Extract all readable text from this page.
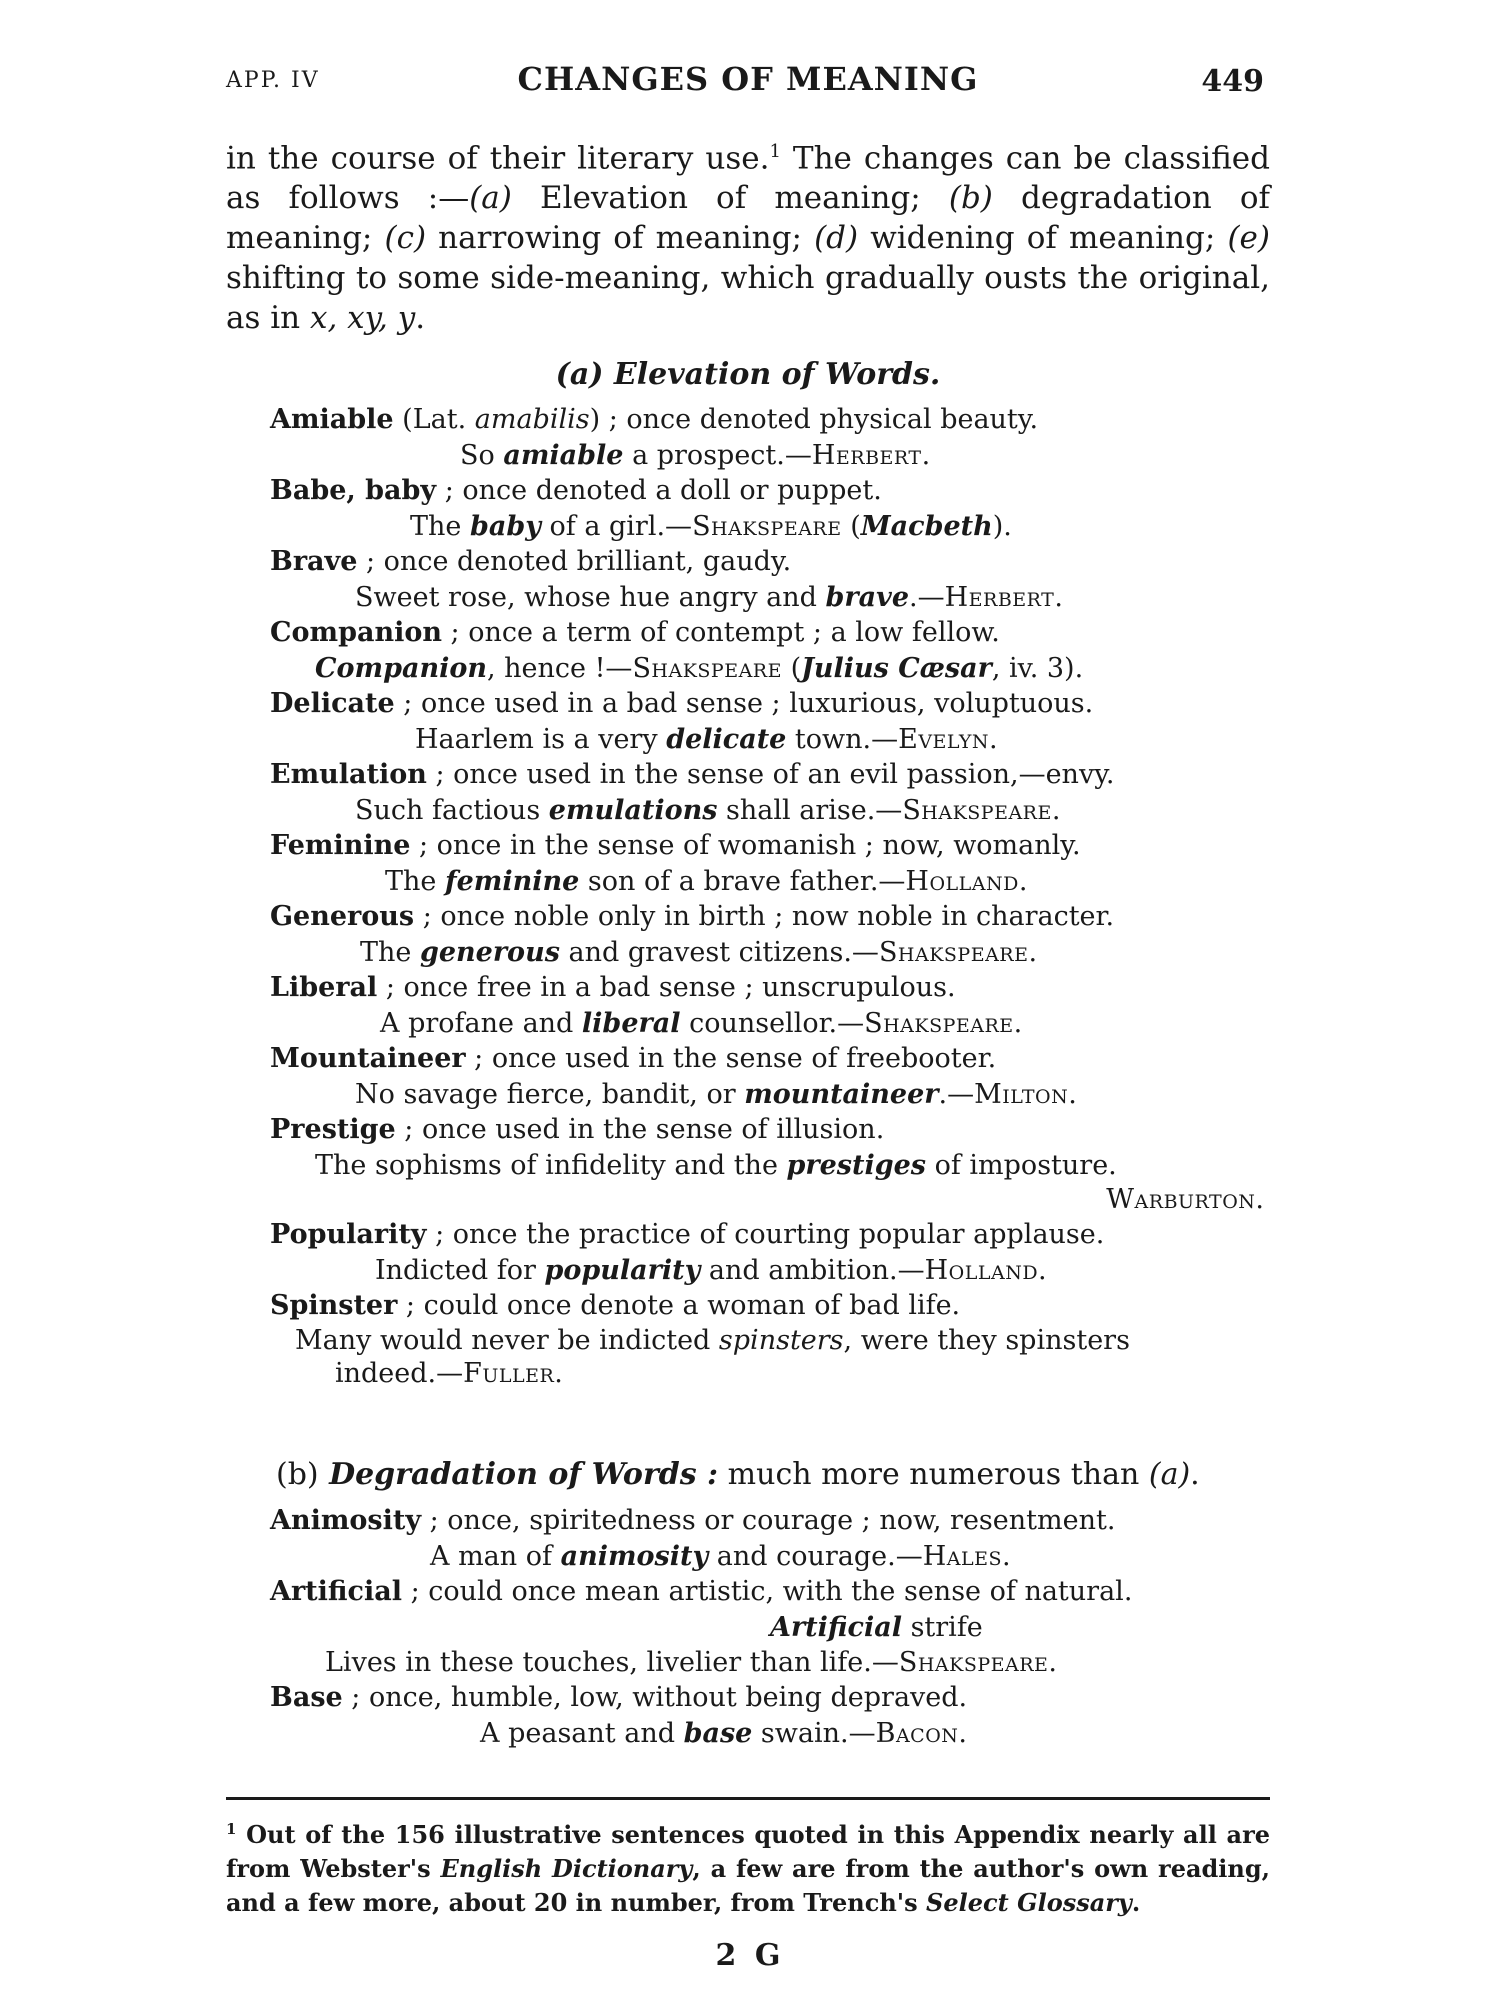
APP. IV	CHANGES OF MEANING	449
in the course of their literary use.$^1$ The changes can be classified as follows :—(a) Elevation of meaning; (b) degradation of meaning; (c) narrowing of meaning; (d) widening of meaning; (e) shifting to some side-meaning, which gradually ousts the original, as in x, xy, y.
(a) Elevation of Words.
Amiable (Lat. amabilis) ; once denoted physical beauty.
So amiable a prospect.—Herbert.
Babe, baby ; once denoted a doll or puppet.
The baby of a girl.—Shakspeare (Macbeth).
Brave ; once denoted brilliant, gaudy.
Sweet rose, whose hue angry and brave.—Herbert.
Companion ; once a term of contempt ; a low fellow.
Companion, hence !—Shakspeare (Julius Cæsar, iv. 3).
Delicate ; once used in a bad sense ; luxurious, voluptuous.
Haarlem is a very delicate town.—Evelyn.
Emulation ; once used in the sense of an evil passion,—envy.
Such factious emulations shall arise.—Shakspeare.
Feminine ; once in the sense of womanish ; now, womanly.
The feminine son of a brave father.—Holland.
Generous ; once noble only in birth ; now noble in character.
The generous and gravest citizens.—Shakspeare.
Liberal ; once free in a bad sense ; unscrupulous.
A profane and liberal counsellor.—Shakspeare.
Mountaineer ; once used in the sense of freebooter.
No savage fierce, bandit, or mountaineer.—Milton.
Prestige ; once used in the sense of illusion.
The sophisms of infidelity and the prestiges of imposture.
Warburton.
Popularity ; once the practice of courting popular applause.
Indicted for popularity and ambition.—Holland.
Spinster ; could once denote a woman of bad life.
Many would never be indicted spinsters, were they spinsters
indeed.—Fuller.
(b) Degradation of Words : much more numerous than (a).
Animosity ; once, spiritedness or courage ; now, resentment.
A man of animosity and courage.—Hales.
Artificial ; could once mean artistic, with the sense of natural.
Artificial strife
Lives in these touches, livelier than life.—Shakspeare.
Base ; once, humble, low, without being depraved.
A peasant and base swain.—Bacon.
$^1$ Out of the 156 illustrative sentences quoted in this Appendix nearly all are from Webster's English Dictionary, a few are from the author's own reading, and a few more, about 20 in number, from Trench's Select Glossary.
2 G
